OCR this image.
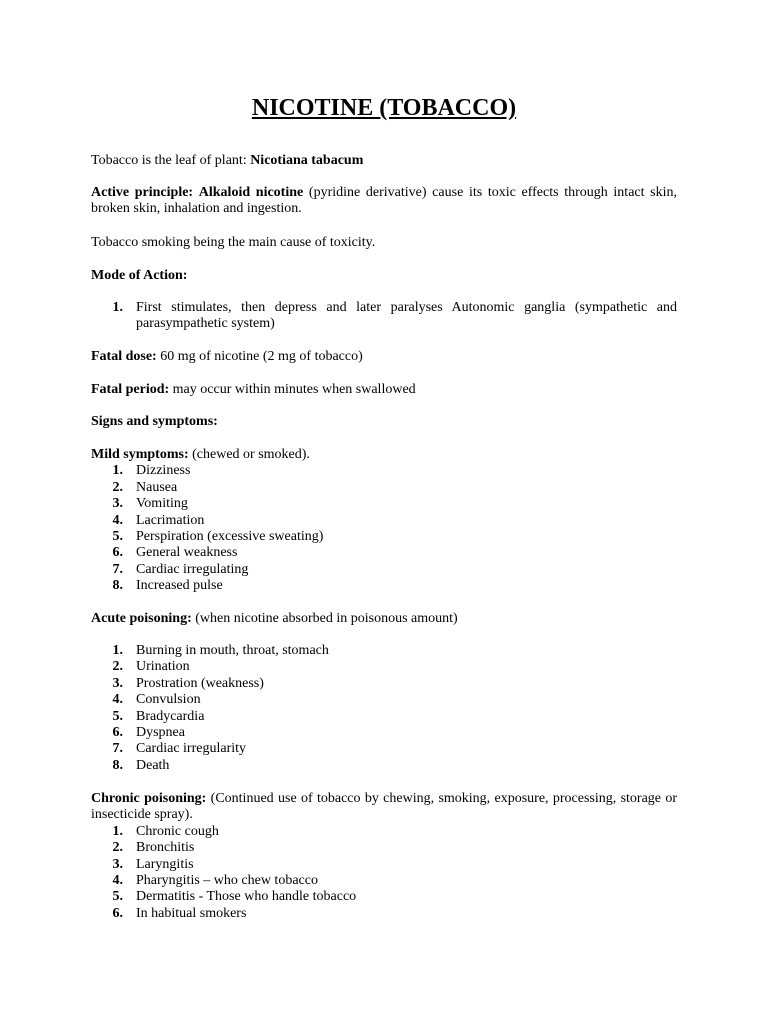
NICOTINE (TOBACCO)
Tobacco is the leaf of plant: Nicotiana tabacum
Active principle: Alkaloid nicotine (pyridine derivative) cause its toxic effects through intact skin, broken skin, inhalation and ingestion.
Tobacco smoking being the main cause of toxicity.
Mode of Action:
1. First stimulates, then depress and later paralyses Autonomic ganglia (sympathetic and parasympathetic system)
Fatal dose: 60 mg of nicotine (2 mg of tobacco)
Fatal period: may occur within minutes when swallowed
Signs and symptoms:
Mild symptoms: (chewed or smoked).
1. Dizziness
2. Nausea
3. Vomiting
4. Lacrimation
5. Perspiration (excessive sweating)
6. General weakness
7. Cardiac irregulating
8. Increased pulse
Acute poisoning: (when nicotine absorbed in poisonous amount)
1. Burning in mouth, throat, stomach
2. Urination
3. Prostration (weakness)
4. Convulsion
5. Bradycardia
6. Dyspnea
7. Cardiac irregularity
8. Death
Chronic poisoning: (Continued use of tobacco by chewing, smoking, exposure, processing, storage or insecticide spray).
1. Chronic cough
2. Bronchitis
3. Laryngitis
4. Pharyngitis – who chew tobacco
5. Dermatitis - Those who handle tobacco
6. In habitual smokers
